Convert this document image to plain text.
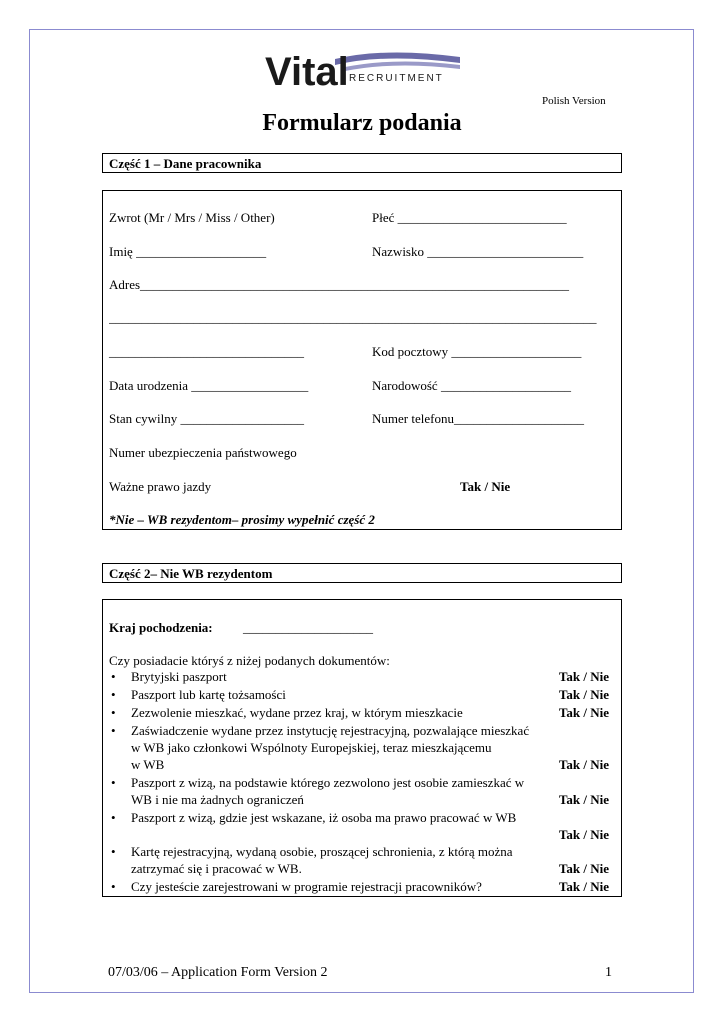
Vital RECRUITMENT
Polish Version
Formularz podania
Część 1 – Dane pracownika
Zwrot (Mr / Mrs / Miss / Other)	Płeć __________________________
Imię ____________________	Nazwisko ________________________
Adres__________________________________________________________________
___________________________________________________________________________
______________________________	Kod pocztowy ____________________
Data urodzenia __________________	Narodowość ____________________
Stan cywilny ___________________	Numer telefonu____________________
Numer ubezpieczenia państwowego
Ważne prawo jazdy	Tak / Nie
*Nie – WB rezydentom– prosimy wypełnić część 2
Część 2– Nie WB rezydentom
Kraj pochodzenia: ____________________
Czy posiadacie któryś z niżej podanych dokumentów:
• Brytyjski paszport	Tak / Nie
• Paszport lub kartę tożsamości	Tak / Nie
• Zezwolenie mieszkać, wydane przez kraj, w którym mieszkacie	Tak / Nie
• Zaświadczenie wydane przez instytucję rejestracyjną, pozwalające mieszkać
w WB jako członkowi Wspólnoty Europejskiej, teraz mieszkającemu
w WB	Tak / Nie
• Paszport z wizą, na podstawie którego zezwolono jest osobie zamieszkać w
WB i nie ma żadnych ograniczeń	Tak / Nie
• Paszport z wizą, gdzie jest wskazane, iż osoba ma prawo pracować w WB
Tak / Nie
• Kartę rejestracyjną, wydaną osobie, proszącej schronienia, z którą można
zatrzymać się i pracować w WB.	Tak / Nie
• Czy jesteście zarejestrowani w programie rejestracji pracowników?	Tak / Nie
07/03/06 – Application Form Version 2	1
